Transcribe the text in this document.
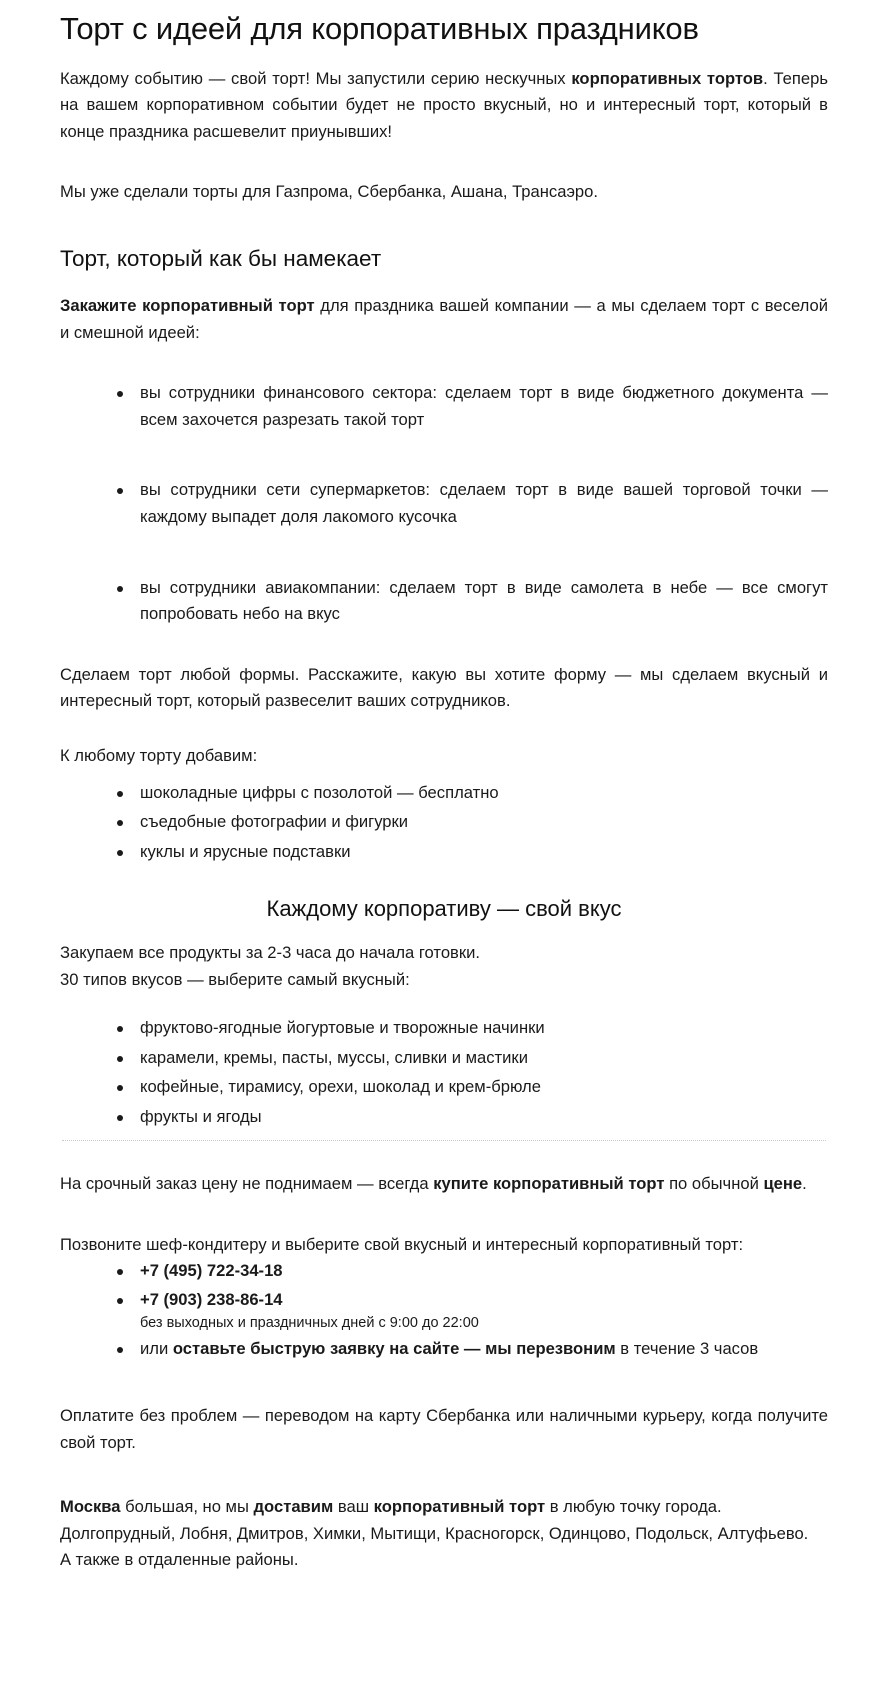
Торт с идеей для корпоративных праздников

Каждому событию — свой торт! Мы запустили серию нескучных корпоративных тортов. Теперь на вашем корпоративном событии будет не просто вкусный, но и интересный торт, который в конце праздника расшевелит приунывших!

Мы уже сделали торты для Газпрома, Сбербанка, Ашана, Трансаэро.

Торт, который как бы намекает

Закажите корпоративный торт для праздника вашей компании — а мы сделаем торт с веселой и смешной идеей:

вы сотрудники финансового сектора: сделаем торт в виде бюджетного документа — всем захочется разрезать такой торт
вы сотрудники сети супермаркетов: сделаем торт в виде вашей торговой точки — каждому выпадет доля лакомого кусочка
вы сотрудники авиакомпании: сделаем торт в виде самолета в небе — все смогут попробовать небо на вкус

Сделаем торт любой формы. Расскажите, какую вы хотите форму — мы сделаем вкусный и интересный торт, который развеселит ваших сотрудников.

К любому торту добавим:

шоколадные цифры с позолотой — бесплатно
съедобные фотографии и фигурки
куклы и ярусные подставки
Каждому корпоративу — свой вкус

Закупаем все продукты за 2-3 часа до начала готовки.

30 типов вкусов — выберите самый вкусный:

фруктово-ягодные йогуртовые и творожные начинки
карамели, кремы, пасты, муссы, сливки и мастики
кофейные, тирамису, орехи, шоколад и крем-брюле
фрукты и ягоды

На срочный заказ цену не поднимаем — всегда купите корпоративный торт по обычной цене.

Позвоните шеф-кондитеру и выберите свой вкусный и интересный корпоративный торт:

+7 (495) 722-34-18
+7 (903) 238-86-14
без выходных и праздничных дней с 9:00 до 22:00
или оставьте быструю заявку на сайте — мы перезвоним в течение 3 часов

Оплатите без проблем — переводом на карту Сбербанка или наличными курьеру, когда получите свой торт.

Москва большая, но мы доставим ваш корпоративный торт в любую точку города.

Долгопрудный, Лобня, Дмитров, Химки, Мытищи, Красногорск, Одинцово, Подольск, Алтуфьево.

А также в отдаленные районы.
